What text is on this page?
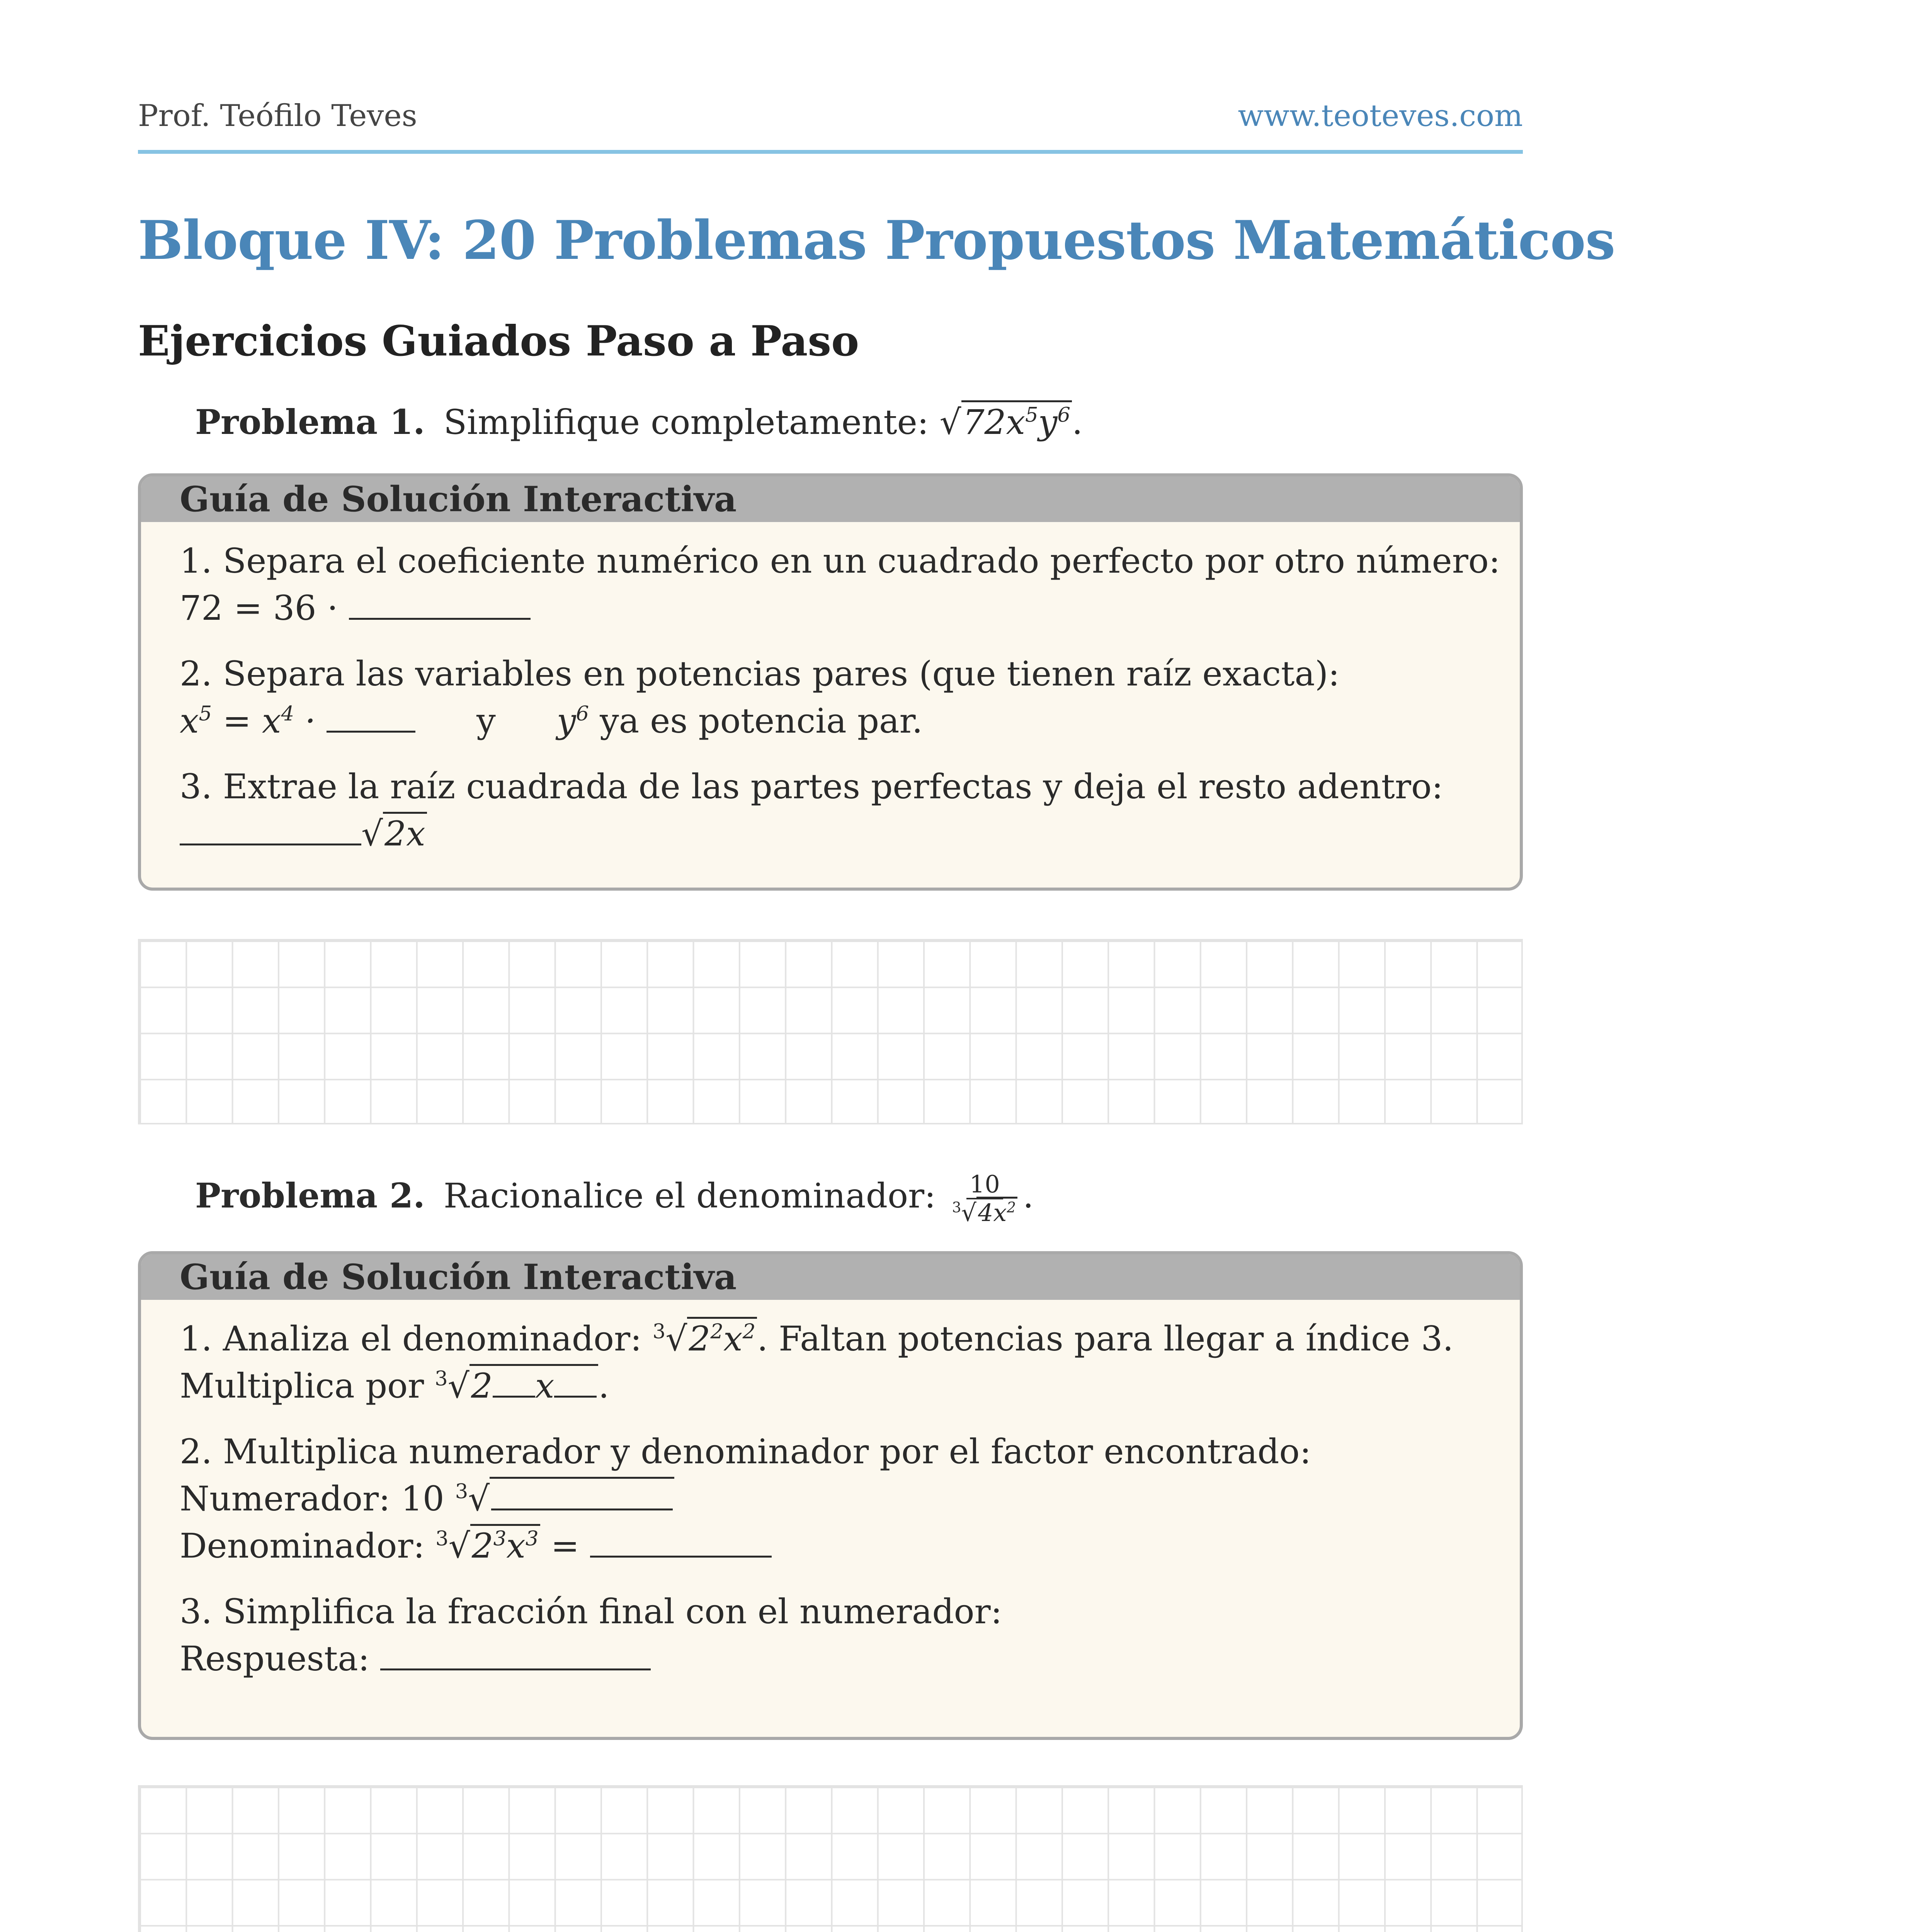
Prof. Teófilo Teves	www.teoteves.com
Bloque IV: 20 Problemas Propuestos Matemáticos
Ejercicios Guiados Paso a Paso
Problema 1. Simplifique completamente: $√72x^5y^6$.
Guía de Solución Interactiva
1. Separa el coeficiente numérico en un cuadrado perfecto por otro número:
72 = 36 ·
2. Separa las variables en potencias pares (que tienen raíz exacta):
$x^5 = x^4$ ·	y $y^6$ ya es potencia par.
3. Extrae la raíz cuadrada de las partes perfectas y deja el resto adentro:
√2x
Problema 2. Racionalice el denominador: $\frac{10}{^3√4x^2}$ .
Guía de Solución Interactiva
1. Analiza el denominador: $^3√2^2x^2$. Faltan potencias para llegar a índice 3.
Multiplica por $^3$√2 x .
2. Multiplica numerador y denominador por el factor encontrado:
Numerador: 10 $^3$√
Denominador: $^3√2^3x^3$ =
3. Simplifica la fracción final con el numerador:
Respuesta:
